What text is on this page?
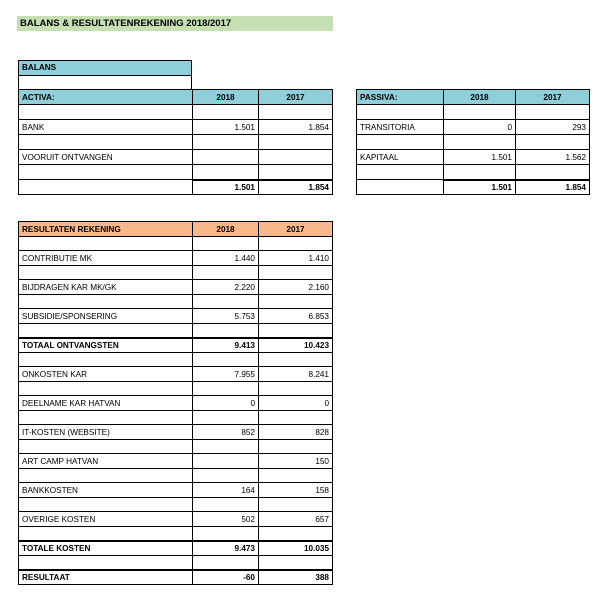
BALANS & RESULTATENREKENING 2018/2017
BALANS
ACTIVA:	2018	2017

BANK	1.501	1.854

VOORUIT ONTVANGEN		

	1.501	1.854
PASSIVA:	2018	2017

TRANSITORIA	0	293

KAPITAAL	1.501	1.562

	1.501	1.854
RESULTATEN REKENING	2018	2017

CONTRIBUTIE MK	1.440	1.410

BIJDRAGEN KAR MK/GK	2.220	2.160

SUBSIDIE/SPONSERING	5.753	6.853

TOTAAL ONTVANGSTEN	9.413	10.423

ONKOSTEN KAR	7.955	8.241

DEELNAME KAR HATVAN	0	0

IT-KOSTEN (WEBSITE)	852	828

ART CAMP HATVAN		150

BANKKOSTEN	164	158

OVERIGE KOSTEN	502	657

TOTALE KOSTEN	9.473	10.035

RESULTAAT	-60	388
